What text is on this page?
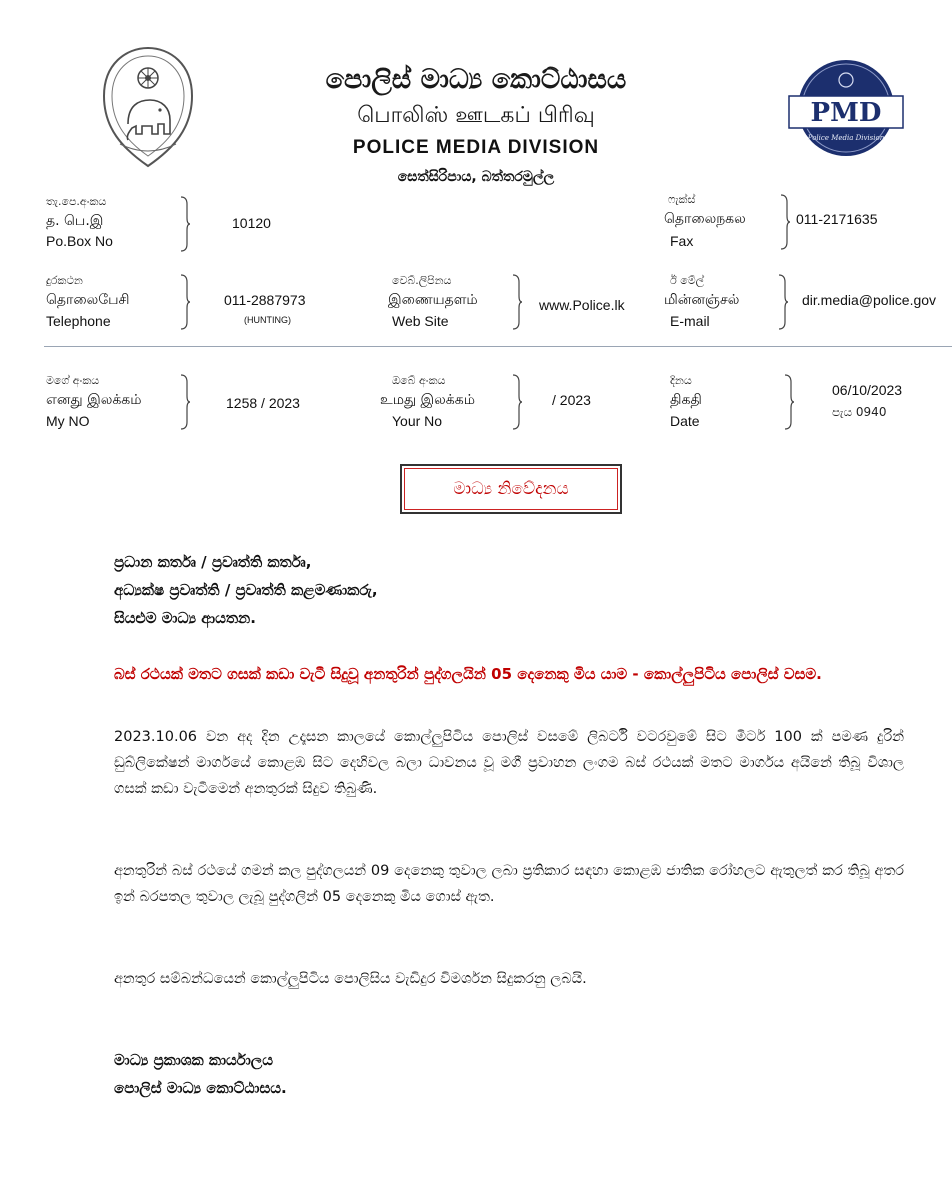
PMD
Police Media Division
පොලිස් මාධ්‍ය කොට්ඨාසය
பொலிஸ் ஊடகப் பிரிவு
POLICE MEDIA DIVISION
සෙත්සිරිපාය, බත්තරමුල්ල
තැ.පෙ.අංකය
த. பெ.இ
Po.Box No
10120
ෆැක්ස්
தொலைநகல
Fax
011-2171635
දුරකථන
தொலைபேசி
Telephone
011-2887973
(HUNTING)
වෙබ්.ලිපිනය
இணையதளம்
Web Site
www.Police.lk
ඊ මේල්
மின்னஞ்சல்
E-mail
dir.media@police.gov
මගේ අංකය
எனது இலக்கம்
My NO
1258 / 2023
ඔබේ අංකය
உமது இலக்கம்
Your No
/ 2023
දිනය
திகதி
Date
06/10/2023
පැය 0940
මාධ්‍ය නිවේදනය
ප්‍රධාන කර්තෘ / ප්‍රවෘත්ති කර්තෘ,
අධ්‍යක්ෂ ප්‍රවෘත්ති / ප්‍රවෘත්ති කළමණාකරු,
සියළුම මාධ්‍ය ආයතන.
බස් රථයක් මතට ගසක් කඩා වැටී සිදුවූ අනතුරින් පුද්ගලයින් 05 දෙනෙකු මිය යාම - කොල්ලුපිටිය පොලිස් වසම.
2023.10.06 වන අද දින උදෑසන කාලයේ කොල්ලුපිටිය පොලිස් වසමේ ලිබර්ටි වටරවුමේ සිට මීටර් 100 ක් පමණ දුරින් ඩුබ්ලිකේෂන් මාර්ගයේ කොළඹ සිට දෙහිවල බලා ධාවනය වූ මගී ප්‍රවාහන ලංගම බස් රථයක් මතට මාර්ගය අයිනේ තිබූ විශාල ගසක් කඩා වැටීමෙන් අනතුරක් සිදුව තිබුණි.
අනතුරින් බස් රථයේ ගමන් කල පුද්ගලයන් 09 දෙනෙකු තුවාල ලබා ප්‍රතිකාර සඳහා කොළඹ ජාතික රෝහලට ඇතුලත් කර තිබූ අතර ඉන් බරපතල තුවාල ලැබූ පුද්ගලින් 05 දෙනෙකු මිය ගොස් ඇත.
අනතුර සම්බන්ධයෙන් කොල්ලුපිටිය පොලිසිය වැඩිදුර විමර්ශන සිදුකරනු ලබයි.
මාධ්‍ය ප්‍රකාශක කාර්යාලය
පොලිස් මාධ්‍ය කොට්ඨාසය.
